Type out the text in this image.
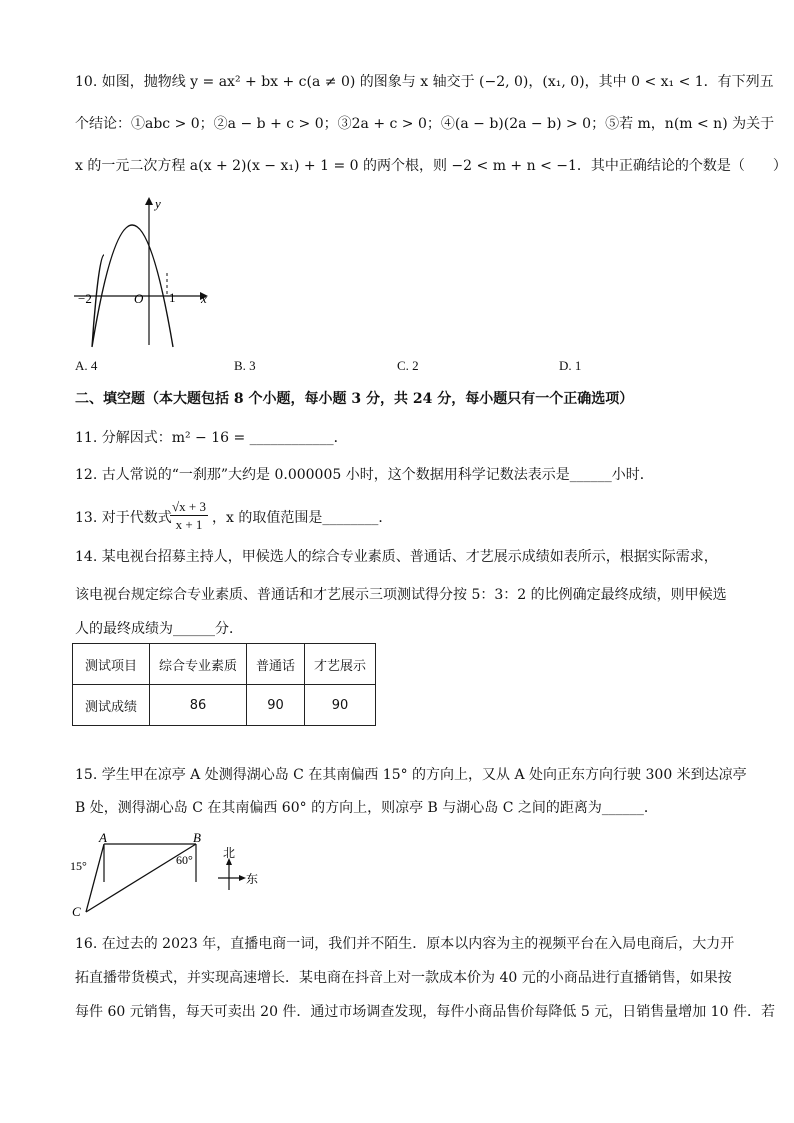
10. 如图，抛物线 y = ax² + bx + c(a ≠ 0) 的图象与 x 轴交于 (−2, 0)，(x₁, 0)，其中 0 < x₁ < 1．有下列五
个结论：①abc > 0；②a − b + c > 0；③2a + c > 0；④(a − b)(2a − b) > 0；⑤若 m，n(m < n) 为关于
x 的一元二次方程 a(x + 2)(x − x₁) + 1 = 0 的两个根，则 −2 < m + n < −1．其中正确结论的个数是（　　）
y
x
O
−2	1
A. 4	B. 3	C. 2	D. 1
二、填空题（本大题包括 8 个小题，每小题 3 分，共 24 分，每小题只有一个正确选项）
11. 分解因式：m² − 16 = ____________．
12. 古人常说的“一刹那”大约是 0.000005 小时，这个数据用科学记数法表示是______小时．
13. 对于代数式
$\frac{√x + 3}{x + 1}$ ，x 的取值范围是________．
14. 某电视台招募主持人，甲候选人的综合专业素质、普通话、才艺展示成绩如表所示，根据实际需求，
该电视台规定综合专业素质、普通话和才艺展示三项测试得分按 5：3：2 的比例确定最终成绩，则甲候选
人的最终成绩为______分．
测试项目	综合专业素质	普通话	才艺展示
测试成绩	86	90	90
15. 学生甲在凉亭 A 处测得湖心岛 C 在其南偏西 15° 的方向上，又从 A 处向正东方向行驶 300 米到达凉亭
B 处，测得湖心岛 C 在其南偏西 60° 的方向上，则凉亭 B 与湖心岛 C 之间的距离为______．
A	B
C
15°	60°	北
东
16. 在过去的 2023 年，直播电商一词，我们并不陌生．原本以内容为主的视频平台在入局电商后，大力开
拓直播带货模式，并实现高速增长．某电商在抖音上对一款成本价为 40 元的小商品进行直播销售，如果按
每件 60 元销售，每天可卖出 20 件．通过市场调查发现，每件小商品售价每降低 5 元，日销售量增加 10 件．若
